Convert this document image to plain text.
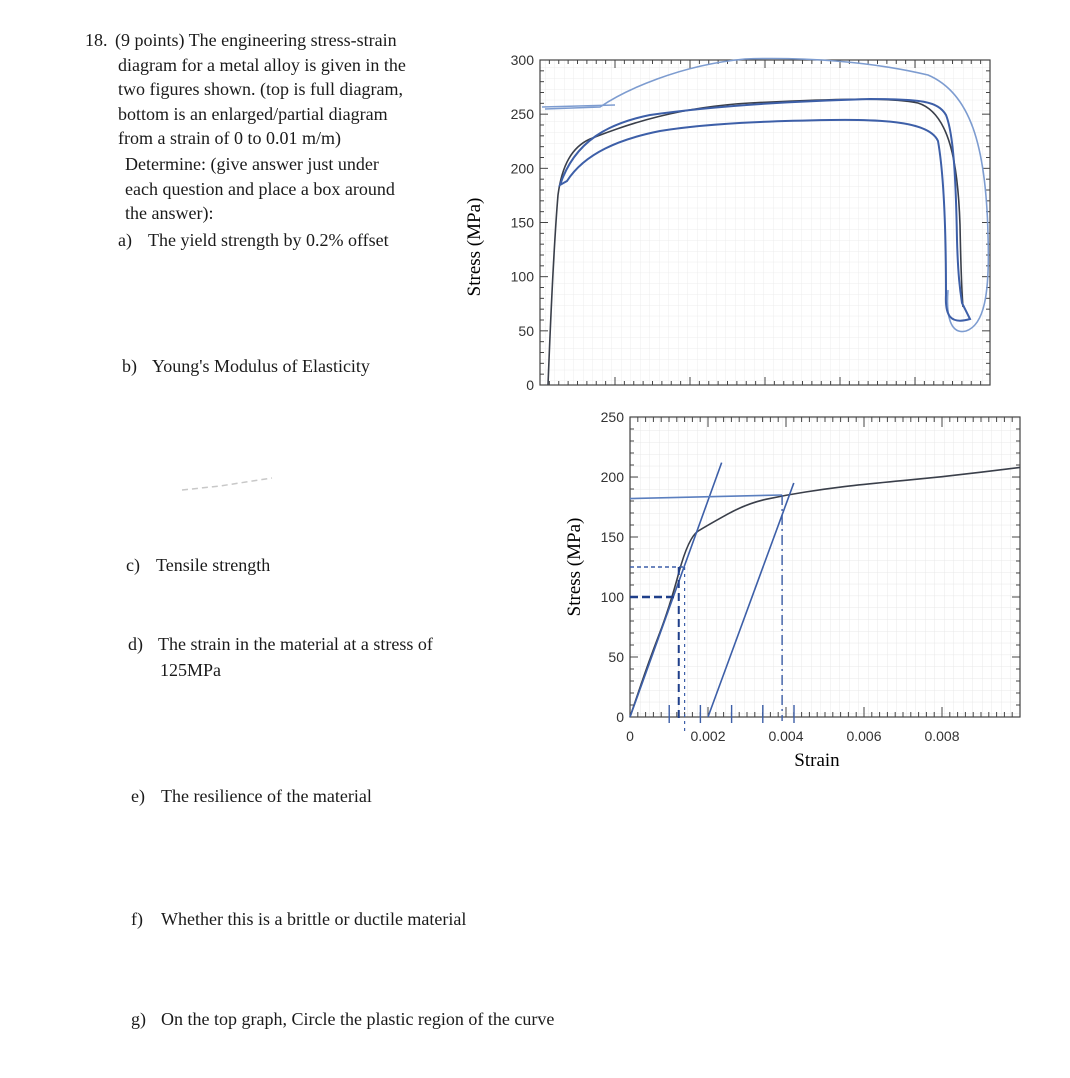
18. (9 points) The engineering stress-strain
diagram for a metal alloy is given in the
two figures shown. (top is full diagram,
bottom is an enlarged/partial diagram
from a strain of 0 to 0.01 m/m)
Determine: (give answer just under
each question and place a box around
the answer):
a) The yield strength by 0.2% offset
b) Young's Modulus of Elasticity
c) Tensile strength
d) The strain in the material at a stress of
125MPa
e) The resilience of the material
f) Whether this is a brittle or ductile material
g) On the top graph, Circle the plastic region of the curve
0
50
100
150
200
250
300
Stress (MPa)
0
50
100
150
200
250
0	0.002	0.004	0.006	0.008
Stress (MPa)
Strain
